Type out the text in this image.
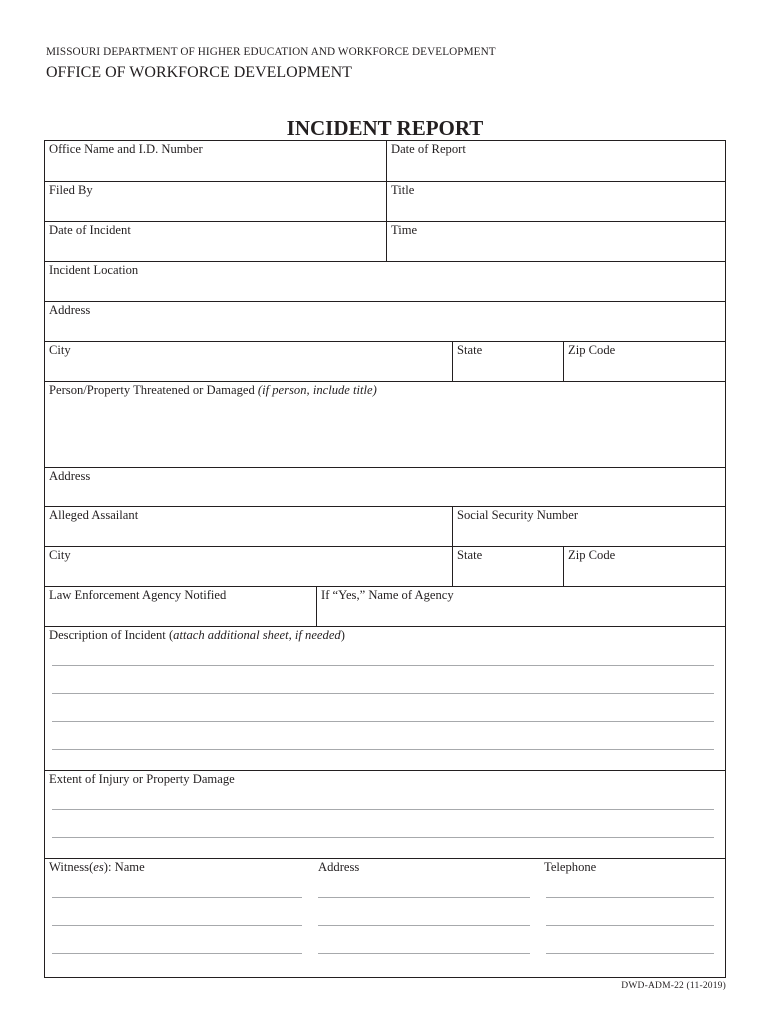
MISSOURI DEPARTMENT OF HIGHER EDUCATION AND WORKFORCE DEVELOPMENT
OFFICE OF WORKFORCE DEVELOPMENT
INCIDENT REPORT
Office Name and I.D. Number	Date of Report
Filed By	Title
Date of Incident	Time
Incident Location
Address
City	State	Zip Code
Person/Property Threatened or Damaged (if person, include title)
Address
Alleged Assailant	Social Security Number
City	State	Zip Code
Law Enforcement Agency Notified	If “Yes,” Name of Agency
Description of Incident (attach additional sheet, if needed)
Extent of Injury or Property Damage
Witness(es): Name	Address	Telephone
DWD-ADM-22 (11-2019)
